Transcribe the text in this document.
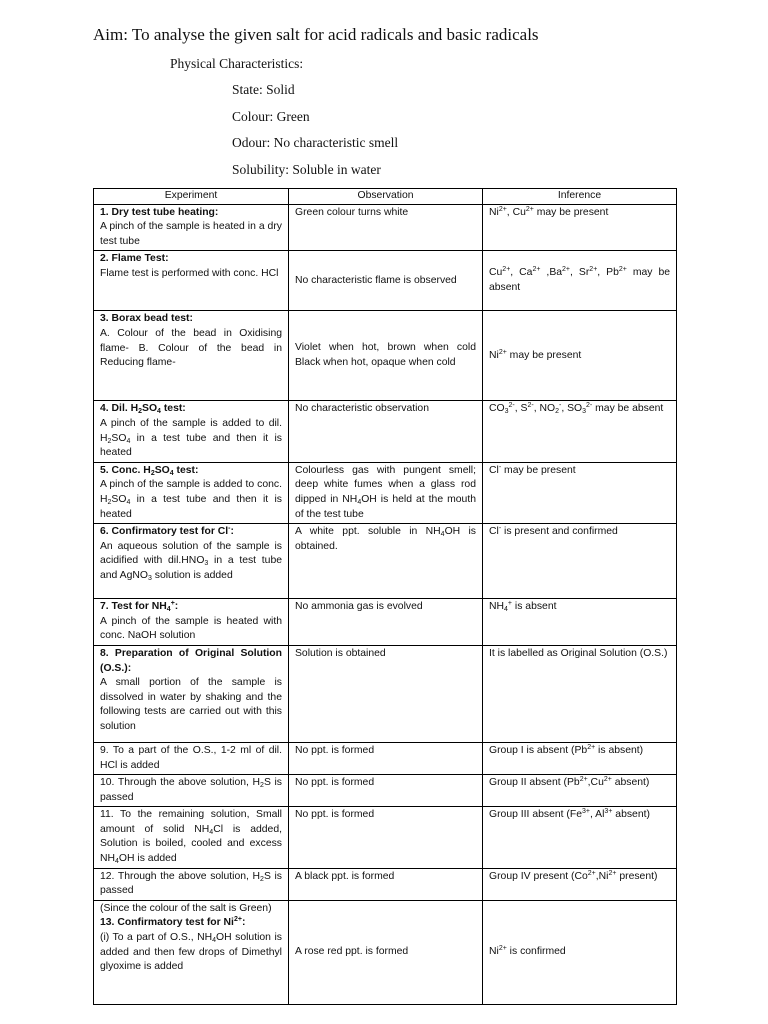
Aim: To analyse the given salt for acid radicals and basic radicals
Physical Characteristics:
State: Solid
Colour: Green
Odour: No characteristic smell
Solubility: Soluble in water
Experiment	Observation	Inference
1. Dry test tube heating:
A pinch of the sample is heated in a dry test tube	Green colour turns white	$Ni^{2+}$, $Cu^{2+}$ may be present
2. Flame Test:
Flame test is performed with conc. HCl	No characteristic flame is observed	$Cu^{2+}$, $Ca^{2+}$ $,Ba^{2+}$, $Sr^{2+}$, $Pb^{2+}$ may be absent
3. Borax bead test:
A. Colour of the bead in Oxidising flame- B. Colour of the bead in Reducing flame-	Violet when hot, brown when cold Black when hot, opaque when cold	$Ni^{2+}$ may be present
4. Dil. $H_2SO_4$ test:
A pinch of the sample is added to dil. $H_2SO_4$ in a test tube and then it is heated	No characteristic observation	$CO_3^{2-}$, $S^{2-}$, $NO_2^-$, $SO_3^{2-}$ may be absent
5. Conc. $H_2SO_4$ test:
A pinch of the sample is added to conc. $H_2SO_4$ in a test tube and then it is heated	Colourless gas with pungent smell; deep white fumes when a glass rod dipped in $NH_4OH$ is held at the mouth of the test tube	Cl- may be present
6. Confirmatory test for Cl-:
An aqueous solution of the sample is acidified with $dil.HNO_3$ in a test tube and AgNO$_3$ solution is added	A white ppt. soluble in $NH_4OH$ is obtained.	Cl- is present and confirmed
7. Test for $NH_4^+$:
A pinch of the sample is heated with conc. NaOH solution	No ammonia gas is evolved	$NH_4^+$ is absent
8. Preparation of Original Solution (O.S.):
A small portion of the sample is dissolved in water by shaking and the following tests are carried out with this solution	Solution is obtained	It is labelled as Original Solution (O.S.)
9. To a part of the O.S., 1-2 ml of dil. HCl is added	No ppt. is formed	Group I is absent ($Pb^{2+}$ is absent)
10. Through the above solution, $H_2S$ is passed	No ppt. is formed	Group II absent ($Pb^{2+},Cu^{2+}$ absent)
11. To the remaining solution, Small amount of solid $NH_4Cl$ is added, Solution is boiled, cooled and excess $NH_4OH$ is added	No ppt. is formed	Group III absent ($Fe^{3+}$, $Al^{3+}$ absent)
12. Through the above solution, $H_2S$ is passed	A black ppt. is formed	Group IV present ($Co^{2+},Ni^{2+}$ present)

(Since the colour of the salt is Green)
13. Confirmatory test for $Ni^{2+}$:
(i) To a part of O.S., $NH_4OH$ solution is added and then few drops of Dimethyl glyoxime is added	A rose red ppt. is formed	$Ni^{2+}$ is confirmed
